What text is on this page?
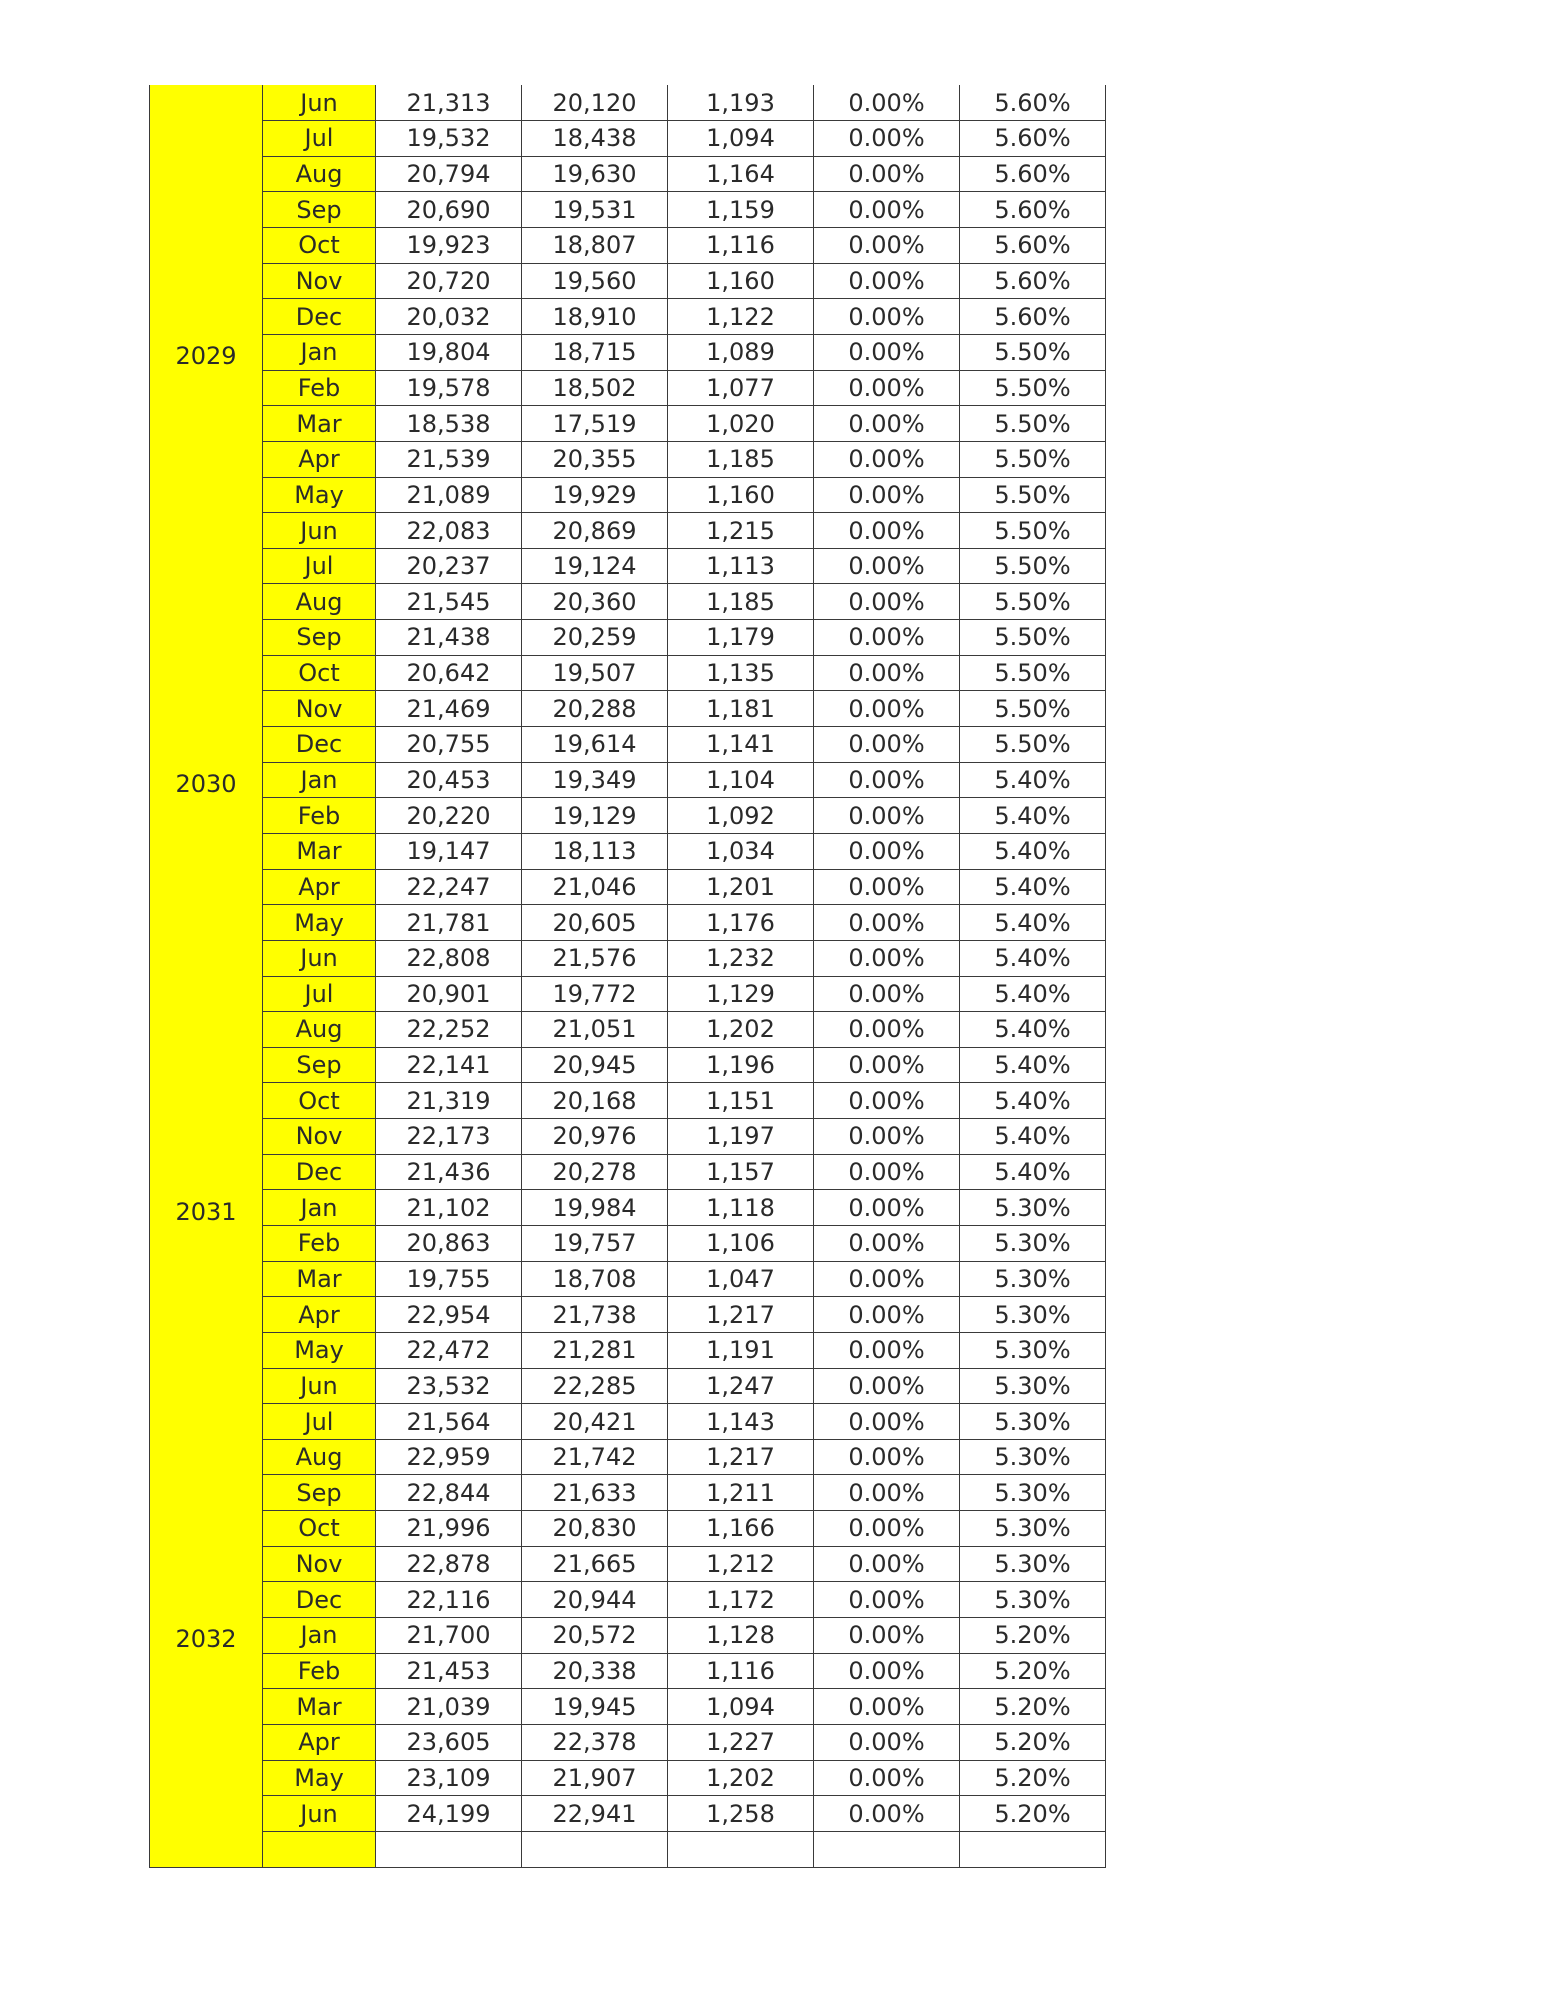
	Jun	21,313	20,120	1,193	0.00%	5.60%
	Jul	19,532	18,438	1,094	0.00%	5.60%
	Aug	20,794	19,630	1,164	0.00%	5.60%
	Sep	20,690	19,531	1,159	0.00%	5.60%
	Oct	19,923	18,807	1,116	0.00%	5.60%
	Nov	20,720	19,560	1,160	0.00%	5.60%
	Dec	20,032	18,910	1,122	0.00%	5.60%
2029	Jan	19,804	18,715	1,089	0.00%	5.50%
	Feb	19,578	18,502	1,077	0.00%	5.50%
	Mar	18,538	17,519	1,020	0.00%	5.50%
	Apr	21,539	20,355	1,185	0.00%	5.50%
	May	21,089	19,929	1,160	0.00%	5.50%
	Jun	22,083	20,869	1,215	0.00%	5.50%
	Jul	20,237	19,124	1,113	0.00%	5.50%
	Aug	21,545	20,360	1,185	0.00%	5.50%
	Sep	21,438	20,259	1,179	0.00%	5.50%
	Oct	20,642	19,507	1,135	0.00%	5.50%
	Nov	21,469	20,288	1,181	0.00%	5.50%
	Dec	20,755	19,614	1,141	0.00%	5.50%
2030	Jan	20,453	19,349	1,104	0.00%	5.40%
	Feb	20,220	19,129	1,092	0.00%	5.40%
	Mar	19,147	18,113	1,034	0.00%	5.40%
	Apr	22,247	21,046	1,201	0.00%	5.40%
	May	21,781	20,605	1,176	0.00%	5.40%
	Jun	22,808	21,576	1,232	0.00%	5.40%
	Jul	20,901	19,772	1,129	0.00%	5.40%
	Aug	22,252	21,051	1,202	0.00%	5.40%
	Sep	22,141	20,945	1,196	0.00%	5.40%
	Oct	21,319	20,168	1,151	0.00%	5.40%
	Nov	22,173	20,976	1,197	0.00%	5.40%
	Dec	21,436	20,278	1,157	0.00%	5.40%
2031	Jan	21,102	19,984	1,118	0.00%	5.30%
	Feb	20,863	19,757	1,106	0.00%	5.30%
	Mar	19,755	18,708	1,047	0.00%	5.30%
	Apr	22,954	21,738	1,217	0.00%	5.30%
	May	22,472	21,281	1,191	0.00%	5.30%
	Jun	23,532	22,285	1,247	0.00%	5.30%
	Jul	21,564	20,421	1,143	0.00%	5.30%
	Aug	22,959	21,742	1,217	0.00%	5.30%
	Sep	22,844	21,633	1,211	0.00%	5.30%
	Oct	21,996	20,830	1,166	0.00%	5.30%
	Nov	22,878	21,665	1,212	0.00%	5.30%
	Dec	22,116	20,944	1,172	0.00%	5.30%
2032	Jan	21,700	20,572	1,128	0.00%	5.20%
	Feb	21,453	20,338	1,116	0.00%	5.20%
	Mar	21,039	19,945	1,094	0.00%	5.20%
	Apr	23,605	22,378	1,227	0.00%	5.20%
	May	23,109	21,907	1,202	0.00%	5.20%
	Jun	24,199	22,941	1,258	0.00%	5.20%
